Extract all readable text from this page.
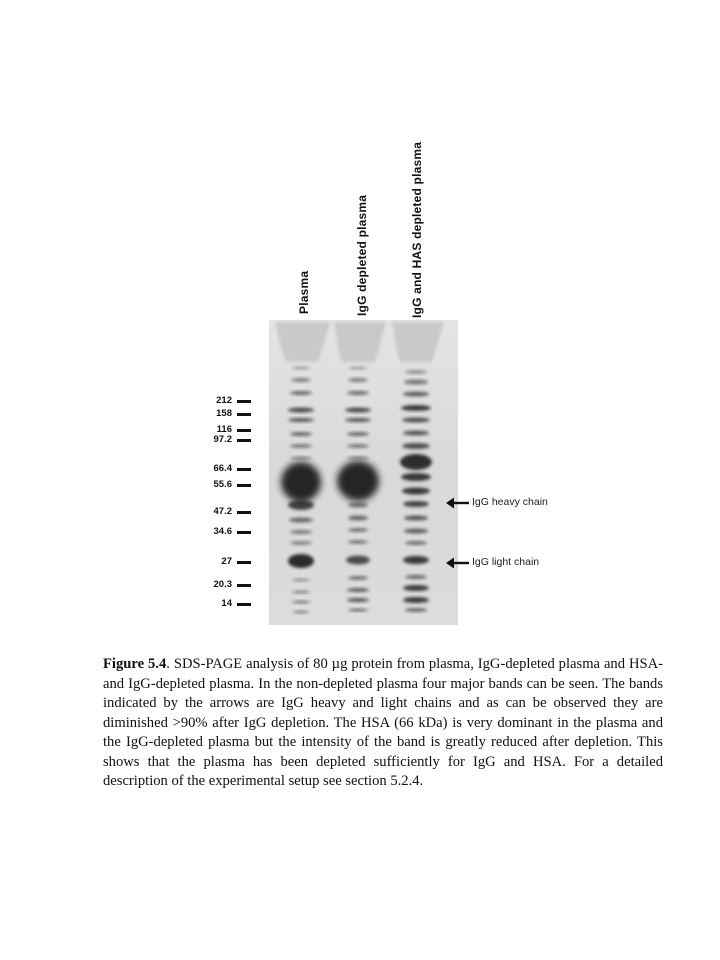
Plasma	IgG depleted plasma	IgG and HAS depleted plasma
212
158
116
97.2
66.4
55.6
47.2
34.6
27
20.3
14
IgG heavy chain
IgG light chain
Figure 5.4. SDS-PAGE analysis of 80 µg protein from plasma, IgG-depleted plasma and HSA- and IgG-depleted plasma. In the non-depleted plasma four major bands can be seen. The bands indicated by the arrows are IgG heavy and light chains and as can be observed they are diminished >90% after IgG depletion. The HSA (66 kDa) is very dominant in the plasma and the IgG-depleted plasma but the intensity of the band is greatly reduced after depletion. This shows that the plasma has been depleted sufficiently for IgG and HSA. For a detailed description of the experimental setup see section 5.2.4.
